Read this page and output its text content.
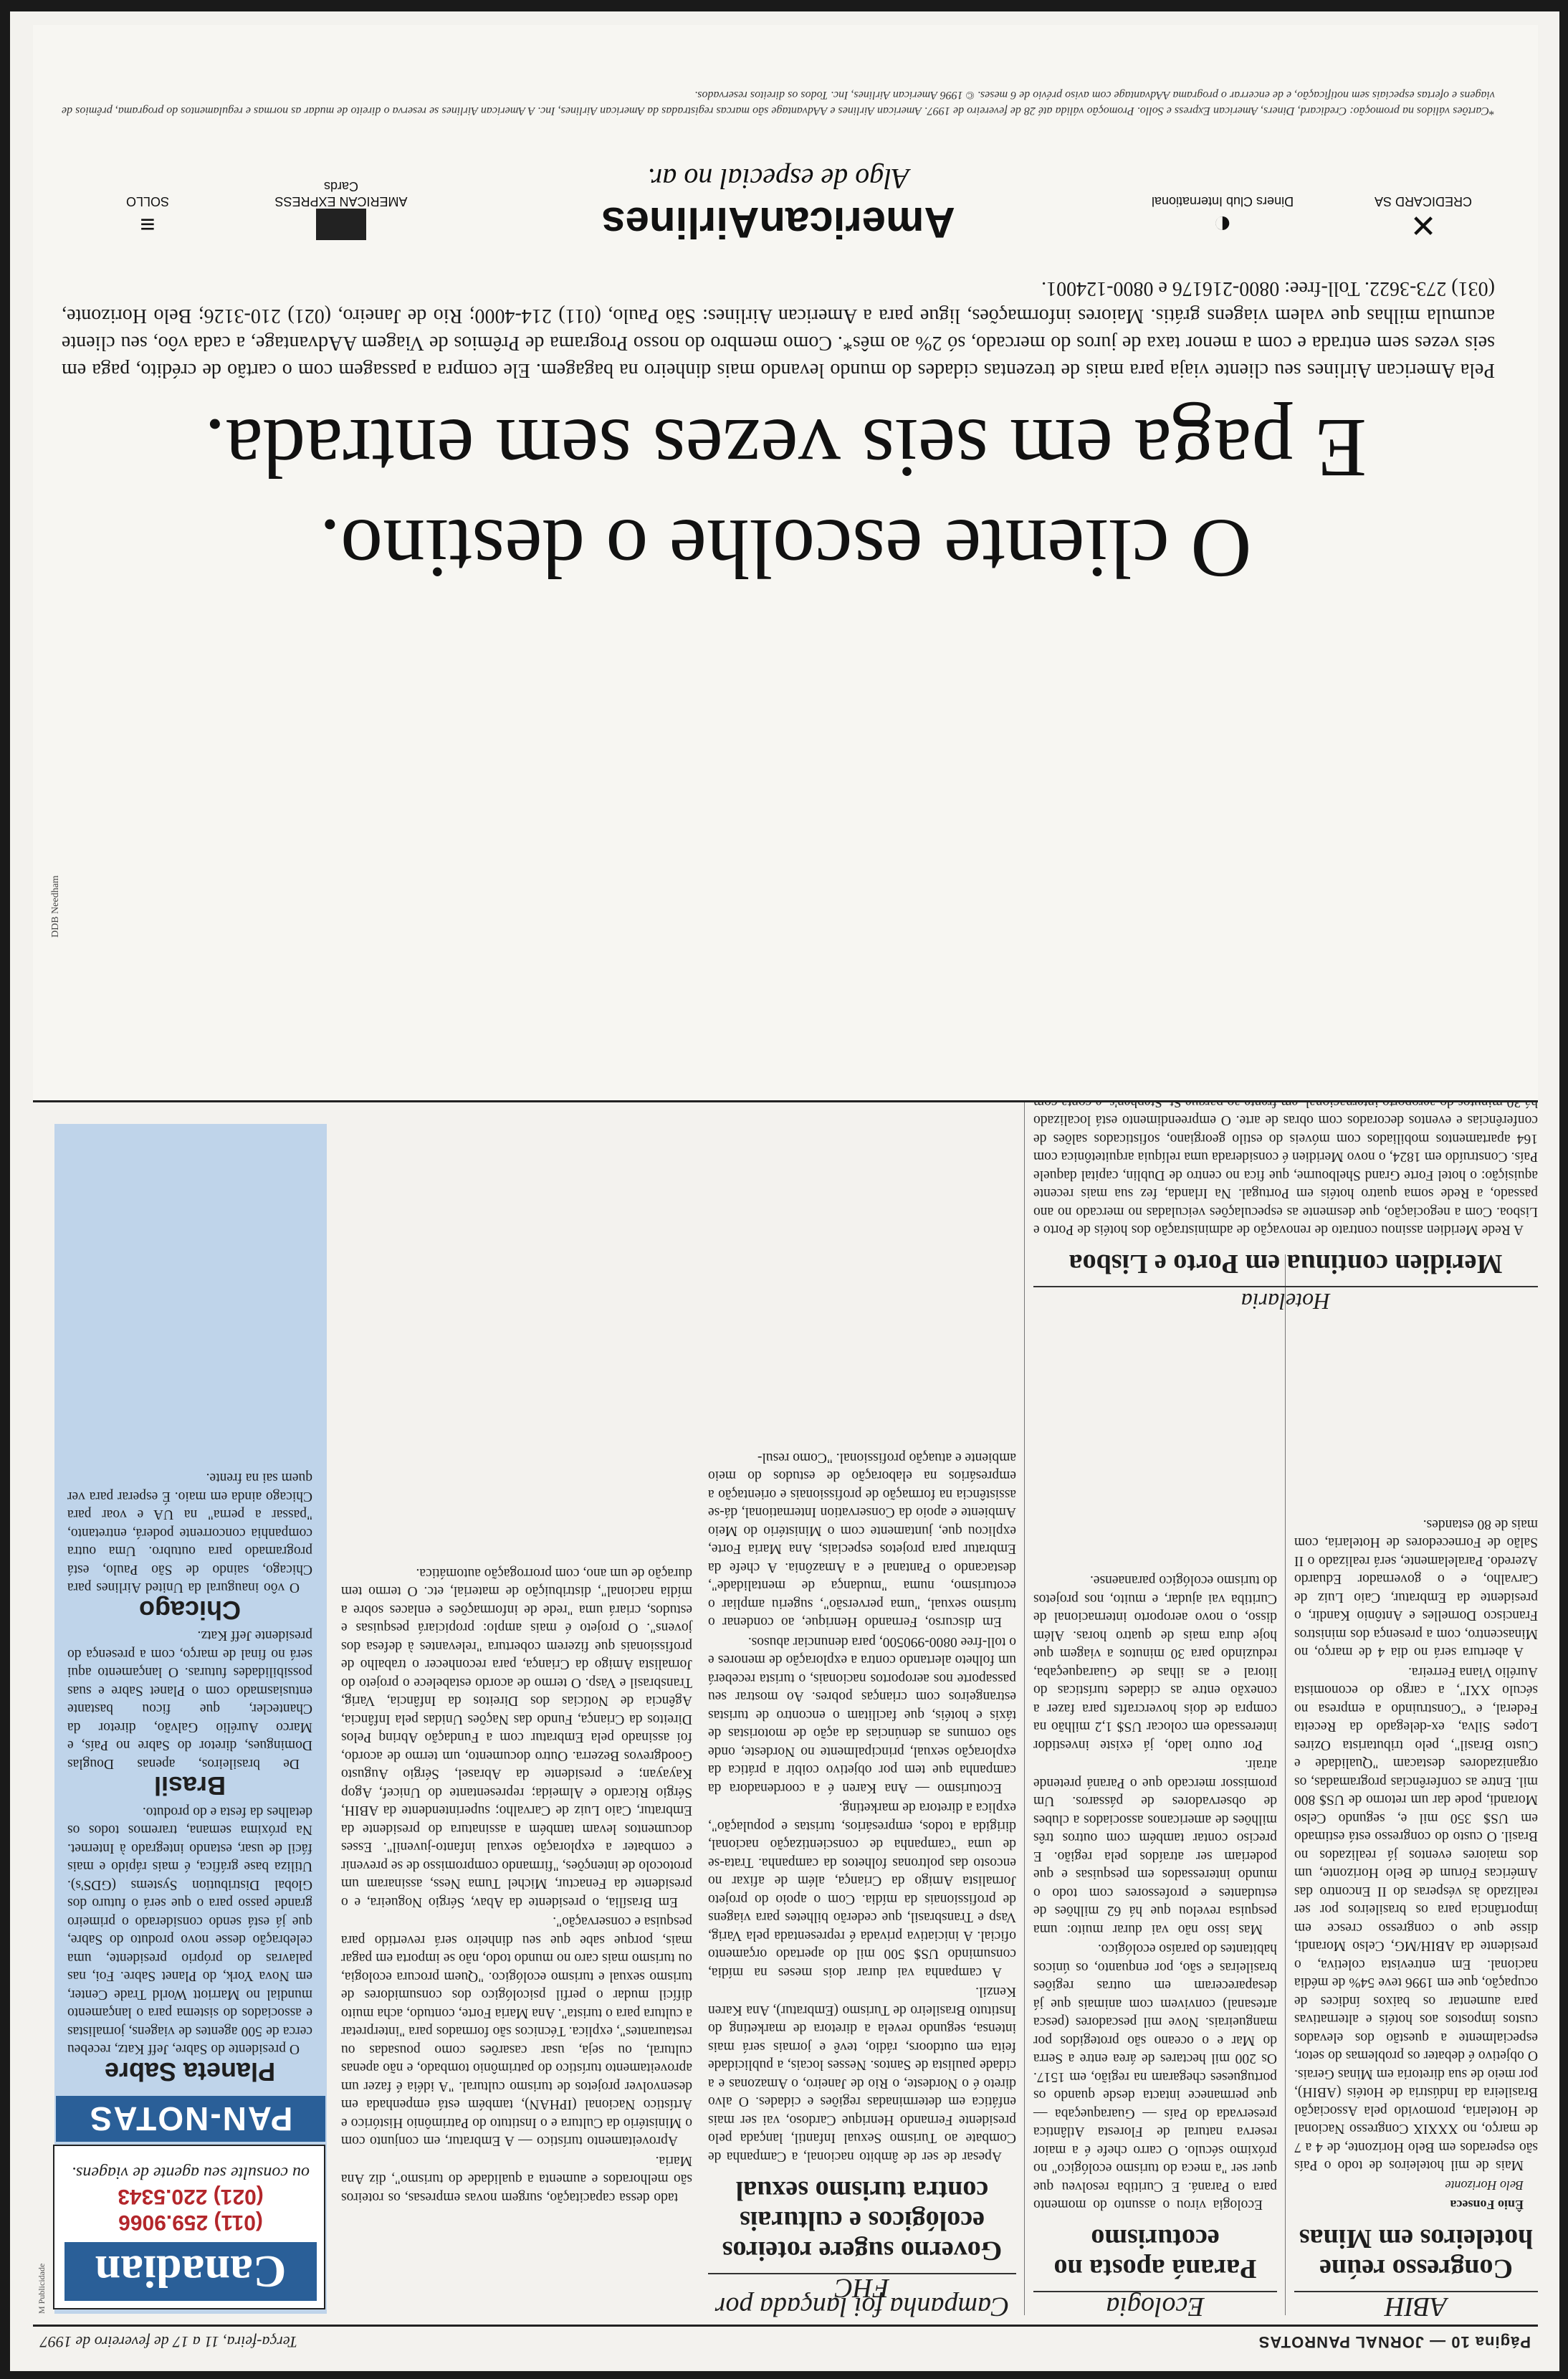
Página 10 — JORNAL PANROTAS
Terça-feira, 11 a 17 de fevereiro de 1997
ABIH
Congresso reúne hoteleiros em Minas

Ênio Fonseca

Belo Horizonte

Mais de mil hoteleiros de todo o País são esperados em Belo Horizonte, de 4 a 7 de março, no XXXIX Congresso Nacional de Hotelaria, promovido pela Associação Brasileira da Indústria de Hotéis (ABIH), por meio de sua diretoria em Minas Gerais. O objetivo é debater os problemas do setor, especialmente a questão dos elevados custos impostos aos hotéis e alternativas para aumentar os baixos índices de ocupação, que em 1996 teve 54% de média nacional. Em entrevista coletiva, o presidente da ABIH/MG, Celso Morandi, disse que o congresso cresce em importância para os brasileiros por ser realizado às vésperas do II Encontro das Américas Fórum de Belo Horizonte, um dos maiores eventos já realizados no Brasil. O custo do congresso está estimado em US$ 350 mil e, segundo Celso Morandi, pode dar um retorno de US$ 800 mil. Entre as conferências programadas, os organizadores destacam "Qualidade e Custo Brasil", pelo tributarista Ozires Lopes Silva, ex-delegado da Receita Federal, e "Construindo a empresa no século XXI", a cargo do economista Aurélio Viana Ferreira.

A abertura será no dia 4 de março, no Minascentro, com a presença dos ministros Francisco Dornelles e Antônio Kandir, o presidente da Embratur, Caio Luiz de Carvalho, e o governador Eduardo Azeredo. Paralelamente, será realizado o II Salão de Fornecedores de Hotelaria, com mais de 80 estandes.

Ecologia
Paraná aposta no ecoturismo

Ecologia virou o assunto do momento para o Paraná. E Curitiba resolveu que quer ser "a meca do turismo ecológico" no próximo século. O carro chefe é a maior reserva natural de Floresta Atlântica preservada do País — Guaraqueçaba — que permanece intacta desde quando os portugueses chegaram na região, em 1517. Os 200 mil hectares de área entre a Serra do Mar e o oceano são protegidos por mangueirais. Nove mil pescadores (pesca artesanal) convivem com animais que já desapareceram em outras regiões brasileiras e são, por enquanto, os únicos habitantes do paraíso ecológico.

Mas isso não vai durar muito: uma pesquisa revelou que há 62 milhões de estudantes e professores com todo o mundo interessados em pesquisas e que poderiam ser atraídos pela região. E preciso contar também com outros três milhões de americanos associados a clubes de observadores de pássaros. Um promissor mercado que o Paraná pretende atrair.

Por outro lado, já existe investidor interessado em colocar US$ 1,2 milhão na compra de dois hovercrafts para fazer a conexão entre as cidades turísticas do litoral e as ilhas de Guaraqueçaba, reduzindo para 30 minutos a viagem que hoje dura mais de quatro horas. Além disso, o novo aeroporto internacional de Curitiba vai ajudar, e muito, nos projetos do turismo ecológico paranaense.

Campanha foi lançada por FHC
Governo sugere roteiros ecológicos e culturais contra turismo sexual

Apesar de ser de âmbito nacional, a Campanha de Combate ao Turismo Sexual Infantil, lançada pelo presidente Fernando Henrique Cardoso, vai ser mais enfática em determinadas regiões e cidades. O alvo direto é o Nordeste, o Rio de Janeiro, o Amazonas e a cidade paulista de Santos. Nesses locais, a publicidade feita em outdoors, rádio, tevê e jornais será mais intensa, segundo revela a diretora de marketing do Instituto Brasileiro de Turismo (Embratur), Ana Karen Kenzil.

A campanha vai durar dois meses na mídia, consumindo US$ 500 mil do apertado orçamento oficial. A iniciativa privada é representada pela Varig, Vasp e Transbrasil, que cederão bilhetes para viagens de profissionais da mídia. Com o apoio do projeto Jornalista Amigo da Criança, além de afixar no encosto das poltronas folhetos da campanha. Trata-se de uma "campanha de conscientização nacional, dirigida a todos, empresários, turistas e população", explica a diretora de marketing.

Ecoturismo — Ana Karen é a coordenadora da campanha que tem por objetivo coibir a prática da exploração sexual, principalmente no Nordeste, onde são comuns as denúncias da ação de motoristas de táxis e hotéis, que facilitam o encontro de turistas estrangeiros com crianças pobres. Ao mostrar seu passaporte nos aeroportos nacionais, o turista receberá um folheto alertando contra a exploração de menores e o toll-free 0800-990500, para denunciar abusos.

Em discurso, Fernando Henrique, ao condenar o turismo sexual, "uma perversão", sugeriu ampliar o ecoturismo, numa "mudança de mentalidade", destacando o Pantanal e a Amazônia. A chefe da Embratur para projetos especiais, Ana Maria Forte, explicou que, juntamente com o Ministério do Meio Ambiente e apoio da Conservation International, dá-se assistência na formação de profissionais e orientação a empresários na elaboração de estudos do meio ambiente e atuação profissional. "Como resul-

tado dessa capacitação, surgem novas empresas, os roteiros são melhorados e aumenta a qualidade do turismo", diz Ana Maria.

Aproveitamento turístico — A Embratur, em conjunto com o Ministério da Cultura e o Instituto do Patrimônio Histórico e Artístico Nacional (IPHAN), também está empenhada em desenvolver projetos de turismo cultural. "A idéia é fazer um aproveitamento turístico do patrimônio tombado, e não apenas cultural, ou seja, usar casarões como pousadas ou restaurantes", explica. Técnicos são formados para "interpretar a cultura para o turista". Ana Maria Forte, contudo, acha muito difícil mudar o perfil psicológico dos consumidores de turismo sexual e turismo ecológico. "Quem procura ecologia, ou turismo mais caro no mundo todo, não se importa em pagar mais, porque sabe que seu dinheiro será revertido para pesquisa e conservação".

Em Brasília, o presidente da Abav, Sérgio Nogueira, e o presidente da Fenactur, Michel Tuma Ness, assinaram um protocolo de intenções, "firmando compromisso de se prevenir e combater a exploração sexual infanto-juvenil". Esses documentos levam também a assinatura do presidente da Embratur, Caio Luiz de Carvalho; superintendente da ABIH, Sérgio Ricardo e Almeida; representante do Unicef, Agop Kayayan; e presidente da Abrasel, Sérgio Augusto Goodgrevos Bezerra. Outro documento, um termo de acordo, foi assinado pela Embratur com a Fundação Abrinq Pelos Direitos da Criança, Fundo das Nações Unidas pela Infância, Agência de Notícias dos Direitos da Infância, Varig, Transbrasil e Vasp. O termo de acordo estabelece o projeto do Jornalista Amigo da Criança, para reconhecer o trabalho de profissionais que fizerem cobertura "relevantes à defesa dos jovens". O projeto é mais amplo: propiciará pesquisas e estudos, criará uma "rede de informações e enlaces sobre a mídia nacional", distribuição de material, etc. O termo tem duração de um ano, com prorrogação automática.

Hotelaria
Meridien continua em Porto e Lisboa

A Rede Meridien assinou contrato de renovação de administração dos hotéis de Porto e Lisboa. Com a negociação, que desmente as especulações veiculadas no mercado no ano passado, a Rede soma quatro hotéis em Portugal. Na Irlanda, fez sua mais recente aquisição: o hotel Forte Grand Shelbourne, que fica no centro de Dublin, capital daquele País. Construído em 1824, o novo Meridien é considerada uma relíquia arquitetônica com 164 apartamentos mobiliados com móveis do estilo georgiano, sofisticados salões de conferências e eventos decorados com obras de arte. O empreendimento está localizado

Canadian
(011) 259.9066
(021) 220.5343
ou consulte seu agente de viagens.
PAN-NOTAS
Planeta Sabre

O presidente do Sabre, Jeff Katz, recebeu cerca de 500 agentes de viagens, jornalistas e associados do sistema para o lançamento mundial no Marriott World Trade Center, em Nova York, do Planet Sabre. Foi, nas palavras do próprio presidente, uma celebração desse novo produto do Sabre, que já está sendo considerado o primeiro grande passo para o que será o futuro dos Global Distribution Systems (GDS's). Utiliza base gráfica, é mais rápido e mais fácil de usar, estando integrado à Internet. Na próxima semana, traremos todos os detalhes da festa e do produto.

Brasil

De brasileiros, apenas Douglas Domingues, diretor do Sabre no País, e Marco Aurélio Galvão, diretor da Chantecler, que ficou bastante entusiasmado com o Planet Sabre e suas possibilidades futuras. O lançamento aqui será no final de março, com a presença do presidente Jeff Katz.

Chicago

O vôo inaugural da United Airlines para Chicago, saindo de São Paulo, está programado para outubro. Uma outra companhia concorrente poderá, entretanto, "passar a perna" na UA e voar para Chicago ainda em maio. É esperar para ver quem sai na frente.

M Publicidade
O cliente escolhe o destino.
E paga em seis vezes sem entrada.
Pela American Airlines seu cliente viaja para mais de trezentas cidades do mundo levando mais dinheiro na bagagem. Ele compra a passagem com o cartão de crédito, paga em seis vezes sem entrada e com a menor taxa de juros do mercado, só 2% ao mês*. Como membro do nosso Programa de Prêmios de Viagem AAdvantage, a cada vôo, seu cliente acumula milhas que valem viagens grátis. Maiores informações, ligue para a American Airlines: São Paulo, (011) 214-4000; Rio de Janeiro, (021) 210-3126; Belo Horizonte, (031) 273-3622. Toll-free: 0800-216176 e 0800-124001.
✕
CREDICARD SA
◐
Diners Club International
AmericanAirlines
Algo de especial no ar.
AMERICAN EXPRESS Cards
≡
SOLLO
*Cartões válidos na promoção: Credicard, Diners, American Express e Sollo. Promoção válida até 28 de fevereiro de 1997. American Airlines e AAdvantage são marcas registradas da American Airlines, Inc. A American Airlines se reserva o direito de mudar as normas e regulamentos do programa, prêmios de viagens e ofertas especiais sem notificação, e de encerrar o programa AAdvantage com aviso prévio de 6 meses. © 1996 American Airlines, Inc. Todos os direitos reservados.
DDB Needham
